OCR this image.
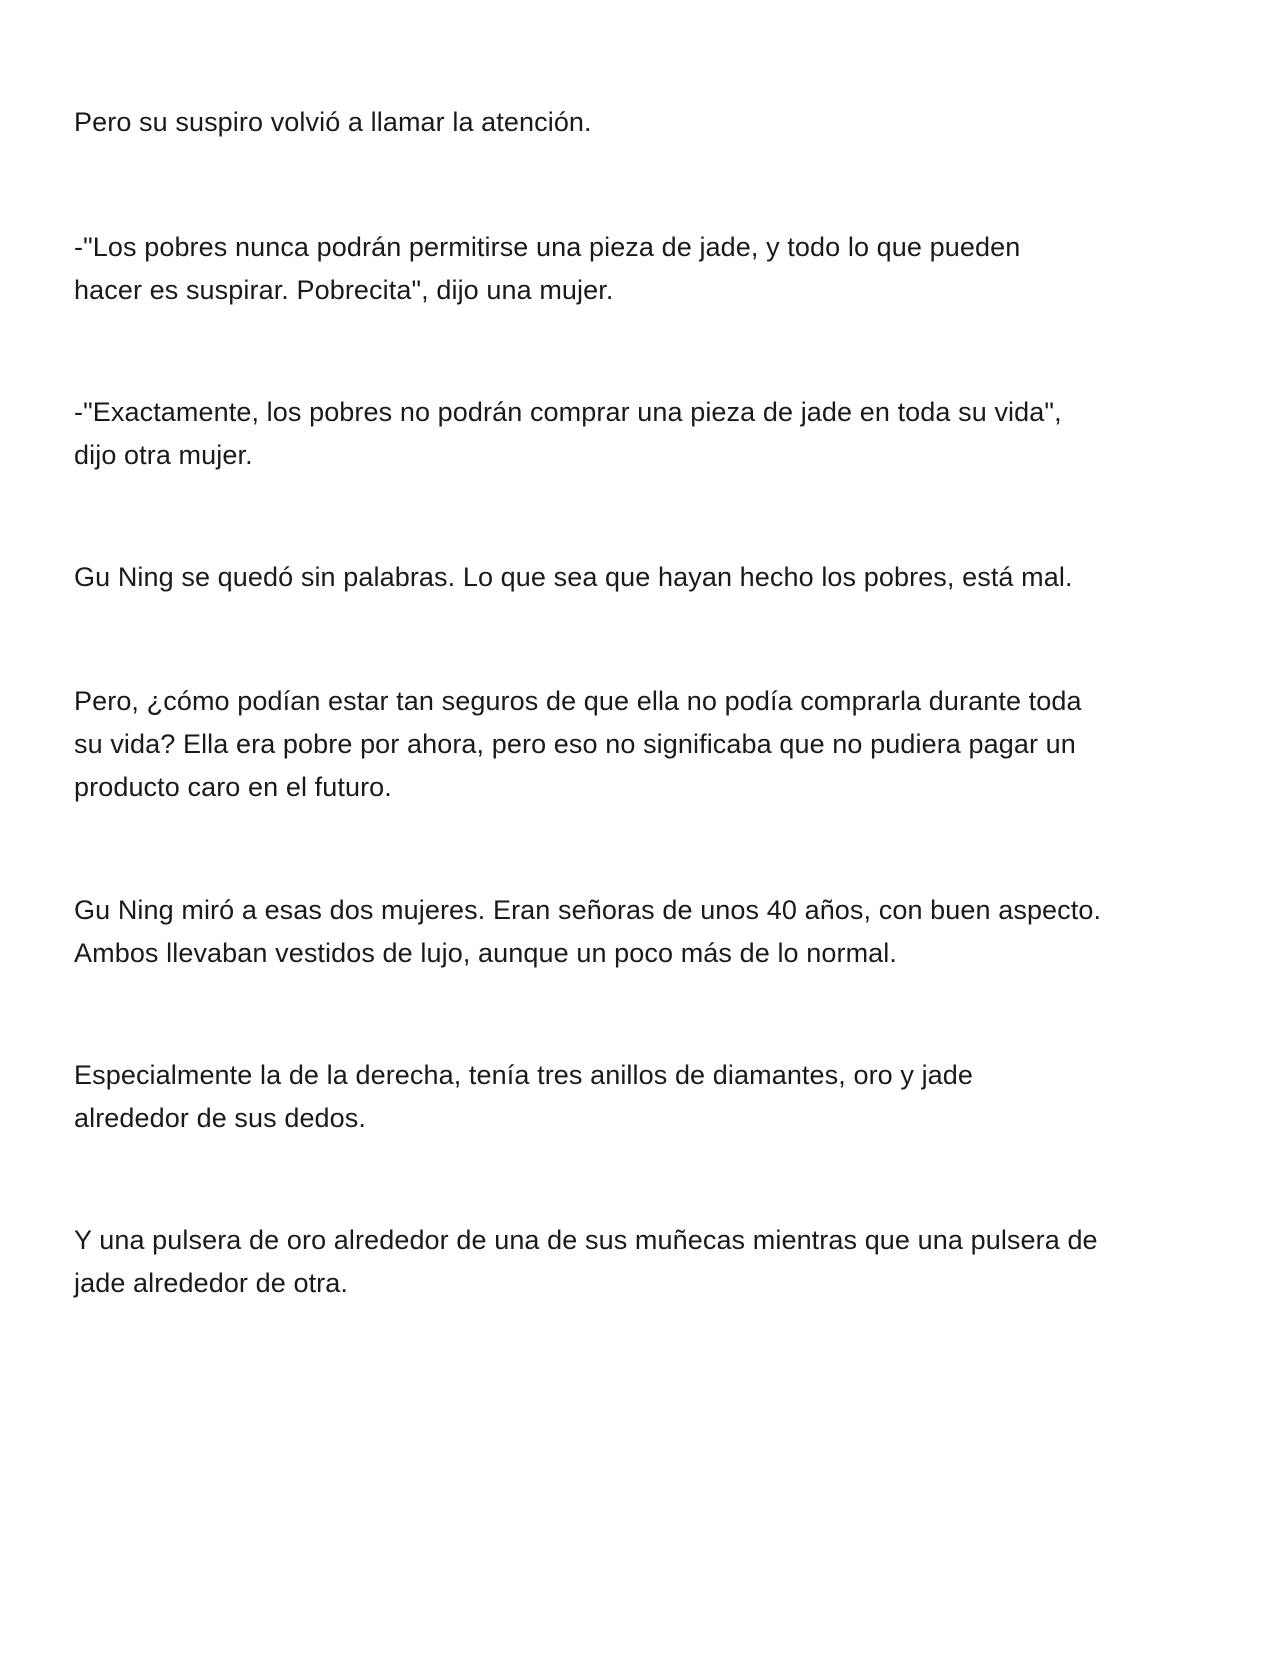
Pero su suspiro volvió a llamar la atención.

-"Los pobres nunca podrán permitirse una pieza de jade, y todo lo que pueden
hacer es suspirar. Pobrecita", dijo una mujer.

-"Exactamente, los pobres no podrán comprar una pieza de jade en toda su vida",
dijo otra mujer.

Gu Ning se quedó sin palabras. Lo que sea que hayan hecho los pobres, está mal.

Pero, ¿cómo podían estar tan seguros de que ella no podía comprarla durante toda
su vida? Ella era pobre por ahora, pero eso no significaba que no pudiera pagar un
producto caro en el futuro.

Gu Ning miró a esas dos mujeres. Eran señoras de unos 40 años, con buen aspecto.
Ambos llevaban vestidos de lujo, aunque un poco más de lo normal.

Especialmente la de la derecha, tenía tres anillos de diamantes, oro y jade
alrededor de sus dedos.

Y una pulsera de oro alrededor de una de sus muñecas mientras que una pulsera de
jade alrededor de otra.
